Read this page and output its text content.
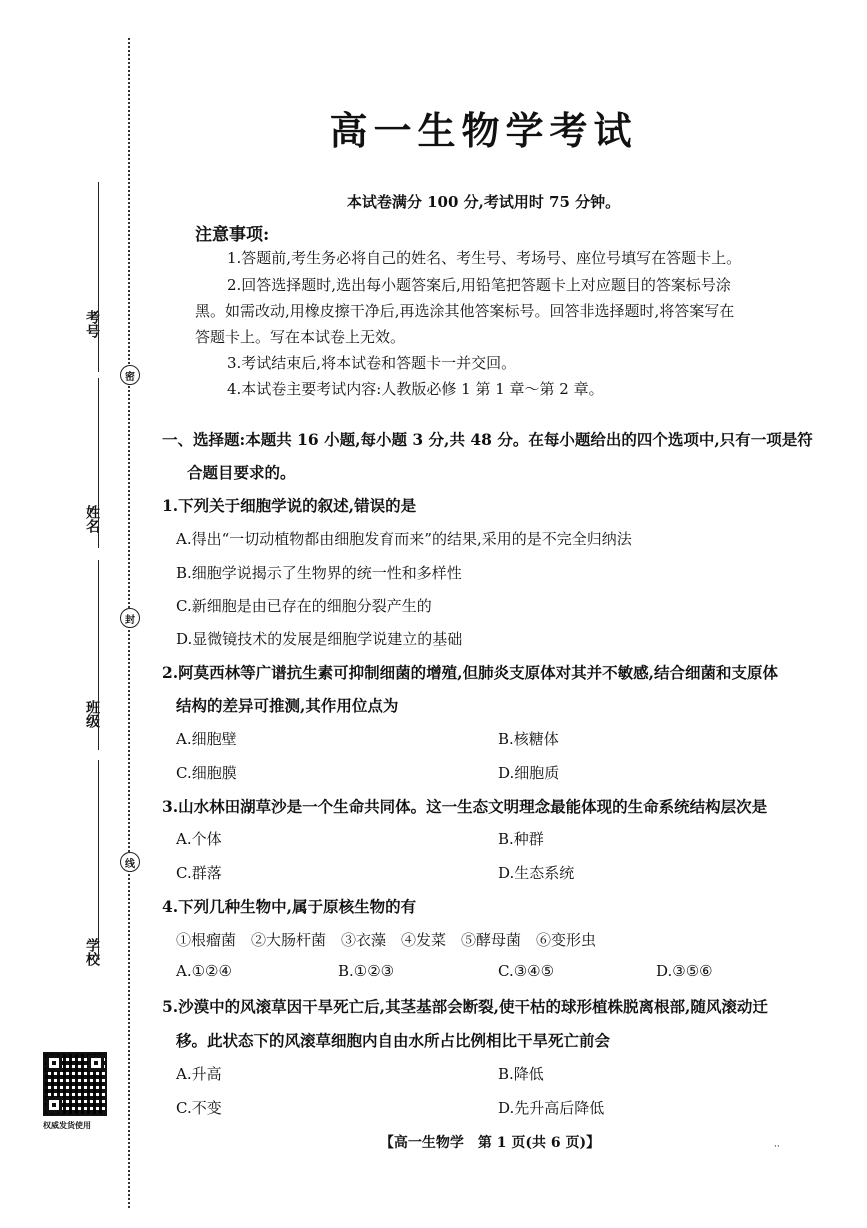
考号
姓名
班级
学校
密
封
线
权威发货使用
高一生物学考试
本试卷满分 100 分,考试用时 75 分钟。
注意事项:
1.答题前,考生务必将自己的姓名、考生号、考场号、座位号填写在答题卡上。
2.回答选择题时,选出每小题答案后,用铅笔把答题卡上对应题目的答案标号涂
黑。如需改动,用橡皮擦干净后,再选涂其他答案标号。回答非选择题时,将答案写在
答题卡上。写在本试卷上无效。
3.考试结束后,将本试卷和答题卡一并交回。
4.本试卷主要考试内容:人教版必修 1 第 1 章～第 2 章。
一、选择题:本题共 16 小题,每小题 3 分,共 48 分。在每小题给出的四个选项中,只有一项是符
合题目要求的。
1.下列关于细胞学说的叙述,错误的是
A.得出“一切动植物都由细胞发育而来”的结果,采用的是不完全归纳法
B.细胞学说揭示了生物界的统一性和多样性
C.新细胞是由已存在的细胞分裂产生的
D.显微镜技术的发展是细胞学说建立的基础
2.阿莫西林等广谱抗生素可抑制细菌的增殖,但肺炎支原体对其并不敏感,结合细菌和支原体
结构的差异可推测,其作用位点为
A.细胞壁	B.核糖体
C.细胞膜	D.细胞质
3.山水林田湖草沙是一个生命共同体。这一生态文明理念最能体现的生命系统结构层次是
A.个体	B.种群
C.群落	D.生态系统
4.下列几种生物中,属于原核生物的有
①根瘤菌　②大肠杆菌　③衣藻　④发菜　⑤酵母菌　⑥变形虫
A.①②④	B.①②③	C.③④⑤	D.③⑤⑥
5.沙漠中的风滚草因干旱死亡后,其茎基部会断裂,使干枯的球形植株脱离根部,随风滚动迁
移。此状态下的风滚草细胞内自由水所占比例相比干旱死亡前会
A.升高	B.降低
C.不变	D.先升高后降低
【高一生物学　第 1 页(共 6 页)】	··
